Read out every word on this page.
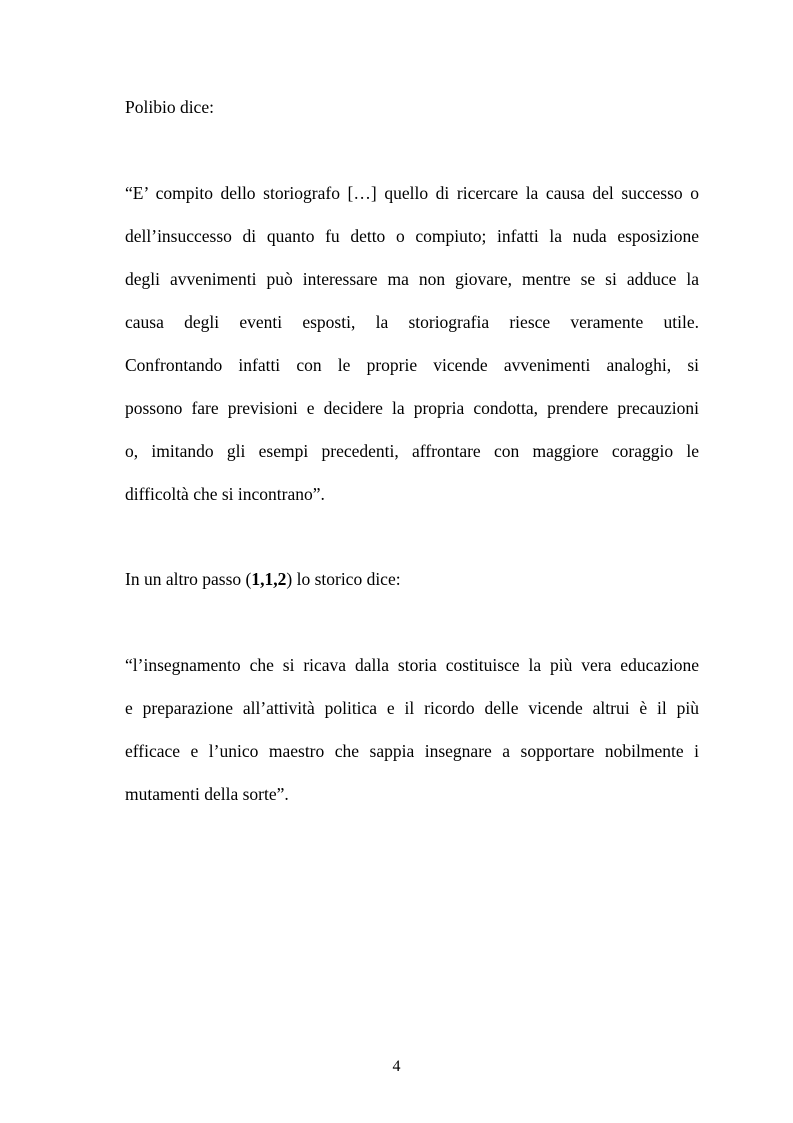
Polibio dice:
“E’ compito dello storiografo […] quello di ricercare la causa del successo o
dell’insuccesso di quanto fu detto o compiuto; infatti la nuda esposizione
degli avvenimenti può interessare ma non giovare, mentre se si adduce la
causa degli eventi esposti, la storiografia riesce veramente utile.
Confrontando infatti con le proprie vicende avvenimenti analoghi, si
possono fare previsioni e decidere la propria condotta, prendere precauzioni
o, imitando gli esempi precedenti, affrontare con maggiore coraggio le
difficoltà che si incontrano”.
In un altro passo (1,1,2) lo storico dice:
“l’insegnamento che si ricava dalla storia costituisce la più vera educazione
e preparazione all’attività politica e il ricordo delle vicende altrui è il più
efficace e l’unico maestro che sappia insegnare a sopportare nobilmente i
mutamenti della sorte”.
4
